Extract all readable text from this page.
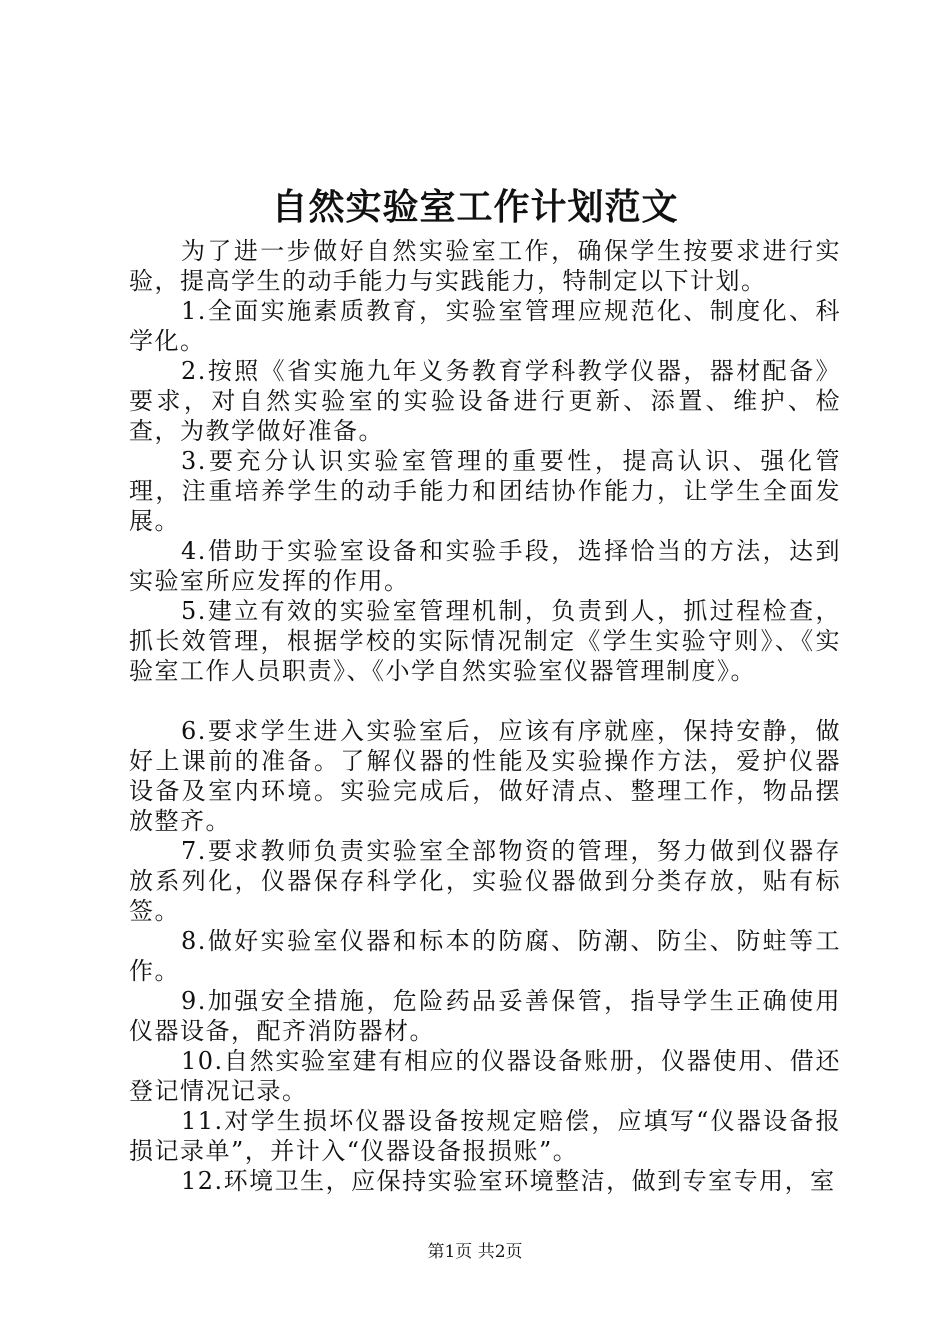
自然实验室工作计划范文

为了进一步做好自然实验室工作，确保学生按要求进行实验，提高学生的动手能力与实践能力，特制定以下计划。

1.全面实施素质教育，实验室管理应规范化、制度化、科学化。

2.按照《省实施九年义务教育学科教学仪器，器材配备》要求，对自然实验室的实验设备进行更新、添置、维护、检查，为教学做好准备。

3.要充分认识实验室管理的重要性，提高认识、强化管理，注重培养学生的动手能力和团结协作能力，让学生全面发展。

4.借助于实验室设备和实验手段，选择恰当的方法，达到实验室所应发挥的作用。

5.建立有效的实验室管理机制，负责到人，抓过程检查，抓长效管理，根据学校的实际情况制定《学生实验守则》、《实验室工作人员职责》、《小学自然实验室仪器管理制度》。

6.要求学生进入实验室后，应该有序就座，保持安静，做好上课前的准备。了解仪器的性能及实验操作方法，爱护仪器设备及室内环境。实验完成后，做好清点、整理工作，物品摆放整齐。

7.要求教师负责实验室全部物资的管理，努力做到仪器存放系列化，仪器保存科学化，实验仪器做到分类存放，贴有标签。

8.做好实验室仪器和标本的防腐、防潮、防尘、防蛀等工作。

9.加强安全措施，危险药品妥善保管，指导学生正确使用仪器设备，配齐消防器材。

10.自然实验室建有相应的仪器设备账册，仪器使用、借还登记情况记录。

11.对学生损坏仪器设备按规定赔偿，应填写“仪器设备报损记录单”，并计入“仪器设备报损账”。

12.环境卫生，应保持实验室环境整洁，做到专室专用，室

第1页 共2页
